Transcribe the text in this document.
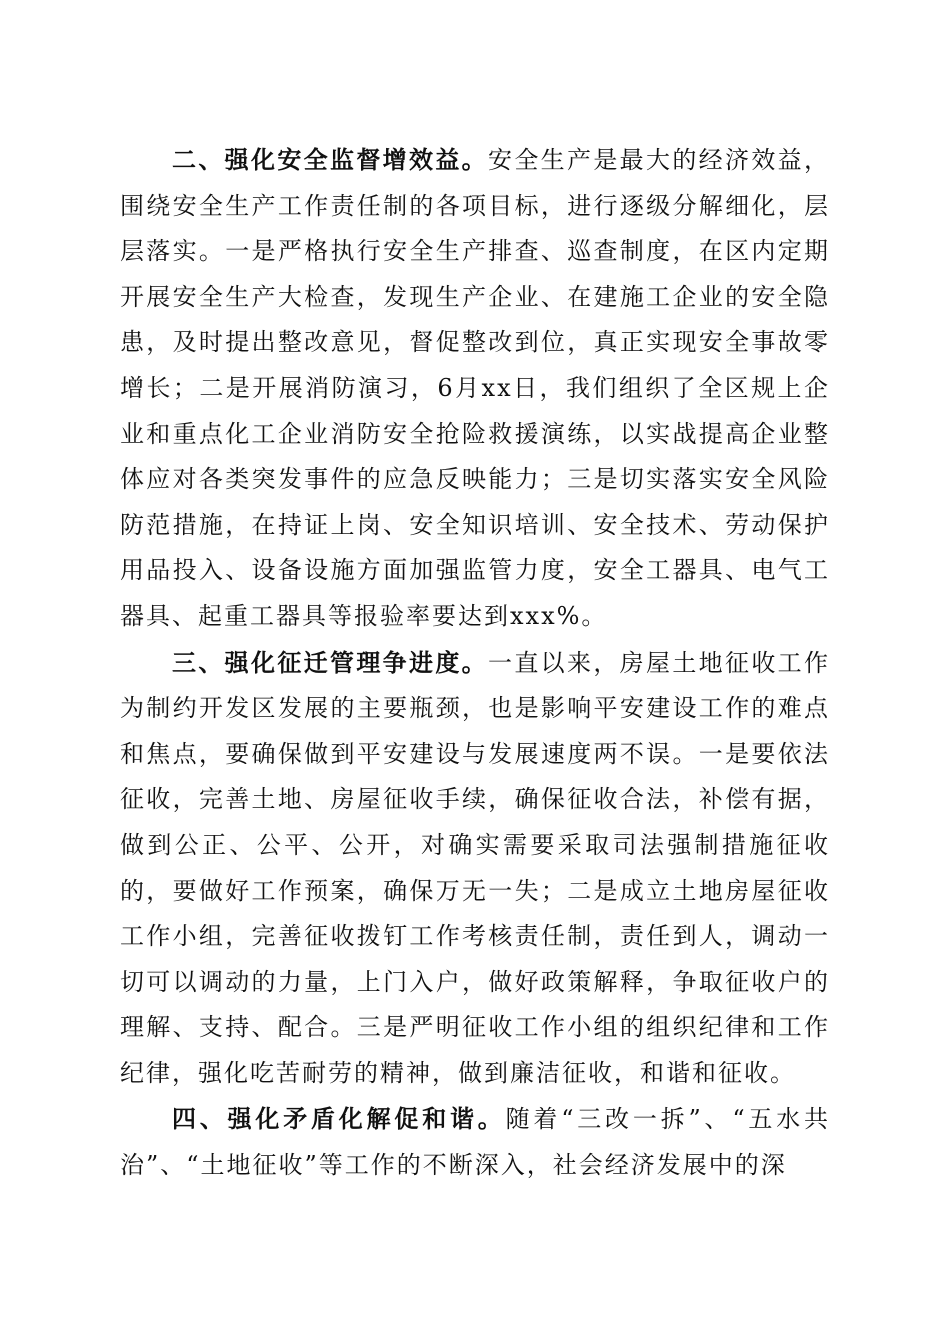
二、强化安全监督增效益。安全生产是最大的经济效益，围绕安全生产工作责任制的各项目标，进行逐级分解细化，层层落实。一是严格执行安全生产排查、巡查制度，在区内定期开展安全生产大检查，发现生产企业、在建施工企业的安全隐患，及时提出整改意见，督促整改到位，真正实现安全事故零增长；二是开展消防演习，6月xx日，我们组织了全区规上企业和重点化工企业消防安全抢险救援演练，以实战提高企业整体应对各类突发事件的应急反映能力；三是切实落实安全风险防范措施，在持证上岗、安全知识培训、安全技术、劳动保护用品投入、设备设施方面加强监管力度，安全工器具、电气工器具、起重工器具等报验率要达到xxx%。

三、强化征迁管理争进度。一直以来，房屋土地征收工作为制约开发区发展的主要瓶颈，也是影响平安建设工作的难点和焦点，要确保做到平安建设与发展速度两不误。一是要依法征收，完善土地、房屋征收手续，确保征收合法，补偿有据，做到公正、公平、公开，对确实需要采取司法强制措施征收的，要做好工作预案，确保万无一失；二是成立土地房屋征收工作小组，完善征收拨钉工作考核责任制，责任到人，调动一切可以调动的力量，上门入户，做好政策解释，争取征收户的理解、支持、配合。三是严明征收工作小组的组织纪律和工作纪律，强化吃苦耐劳的精神，做到廉洁征收，和谐和征收。

四、强化矛盾化解促和谐。随着“三改一拆”、“五水共治”、“土地征收”等工作的不断深入，社会经济发展中的深
